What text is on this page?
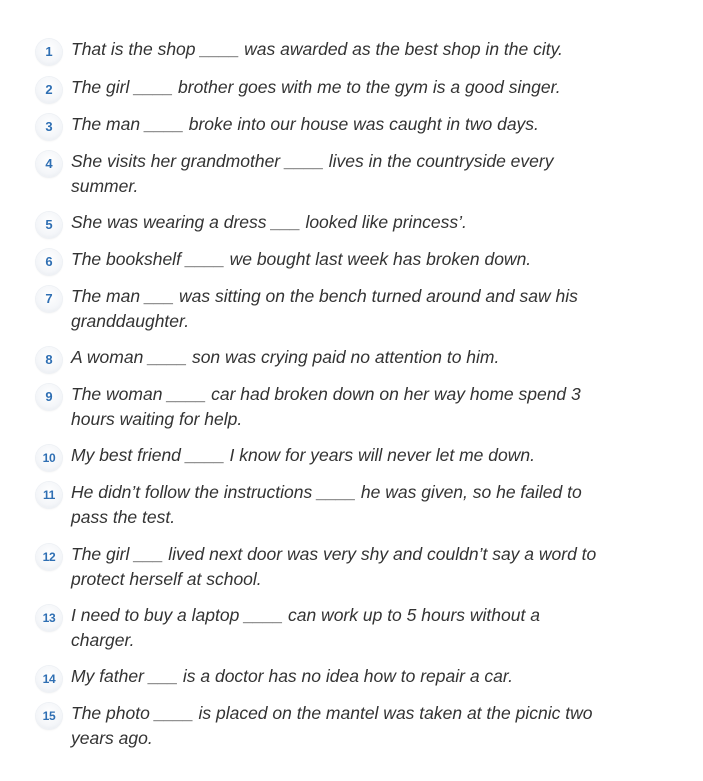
1	That is the shop ____ was awarded as the best shop in the city.
2	The girl ____ brother goes with me to the gym is a good singer.
3	The man ____ broke into our house was caught in two days.
4	She visits her grandmother ____ lives in the countryside every
summer.
5	She was wearing a dress ___ looked like princess’.
6	The bookshelf ____ we bought last week has broken down.
7	The man ___ was sitting on the bench turned around and saw his
granddaughter.
8	A woman ____ son was crying paid no attention to him.
9	The woman ____ car had broken down on her way home spend 3
hours waiting for help.
10 My best friend ____ I know for years will never let me down.
11 He didn’t follow the instructions ____ he was given, so he failed to
pass the test.
12 The girl ___ lived next door was very shy and couldn’t say a word to
protect herself at school.
13 I need to buy a laptop ____ can work up to 5 hours without a
charger.
14 My father ___ is a doctor has no idea how to repair a car.
15 The photo ____ is placed on the mantel was taken at the picnic two
years ago.
